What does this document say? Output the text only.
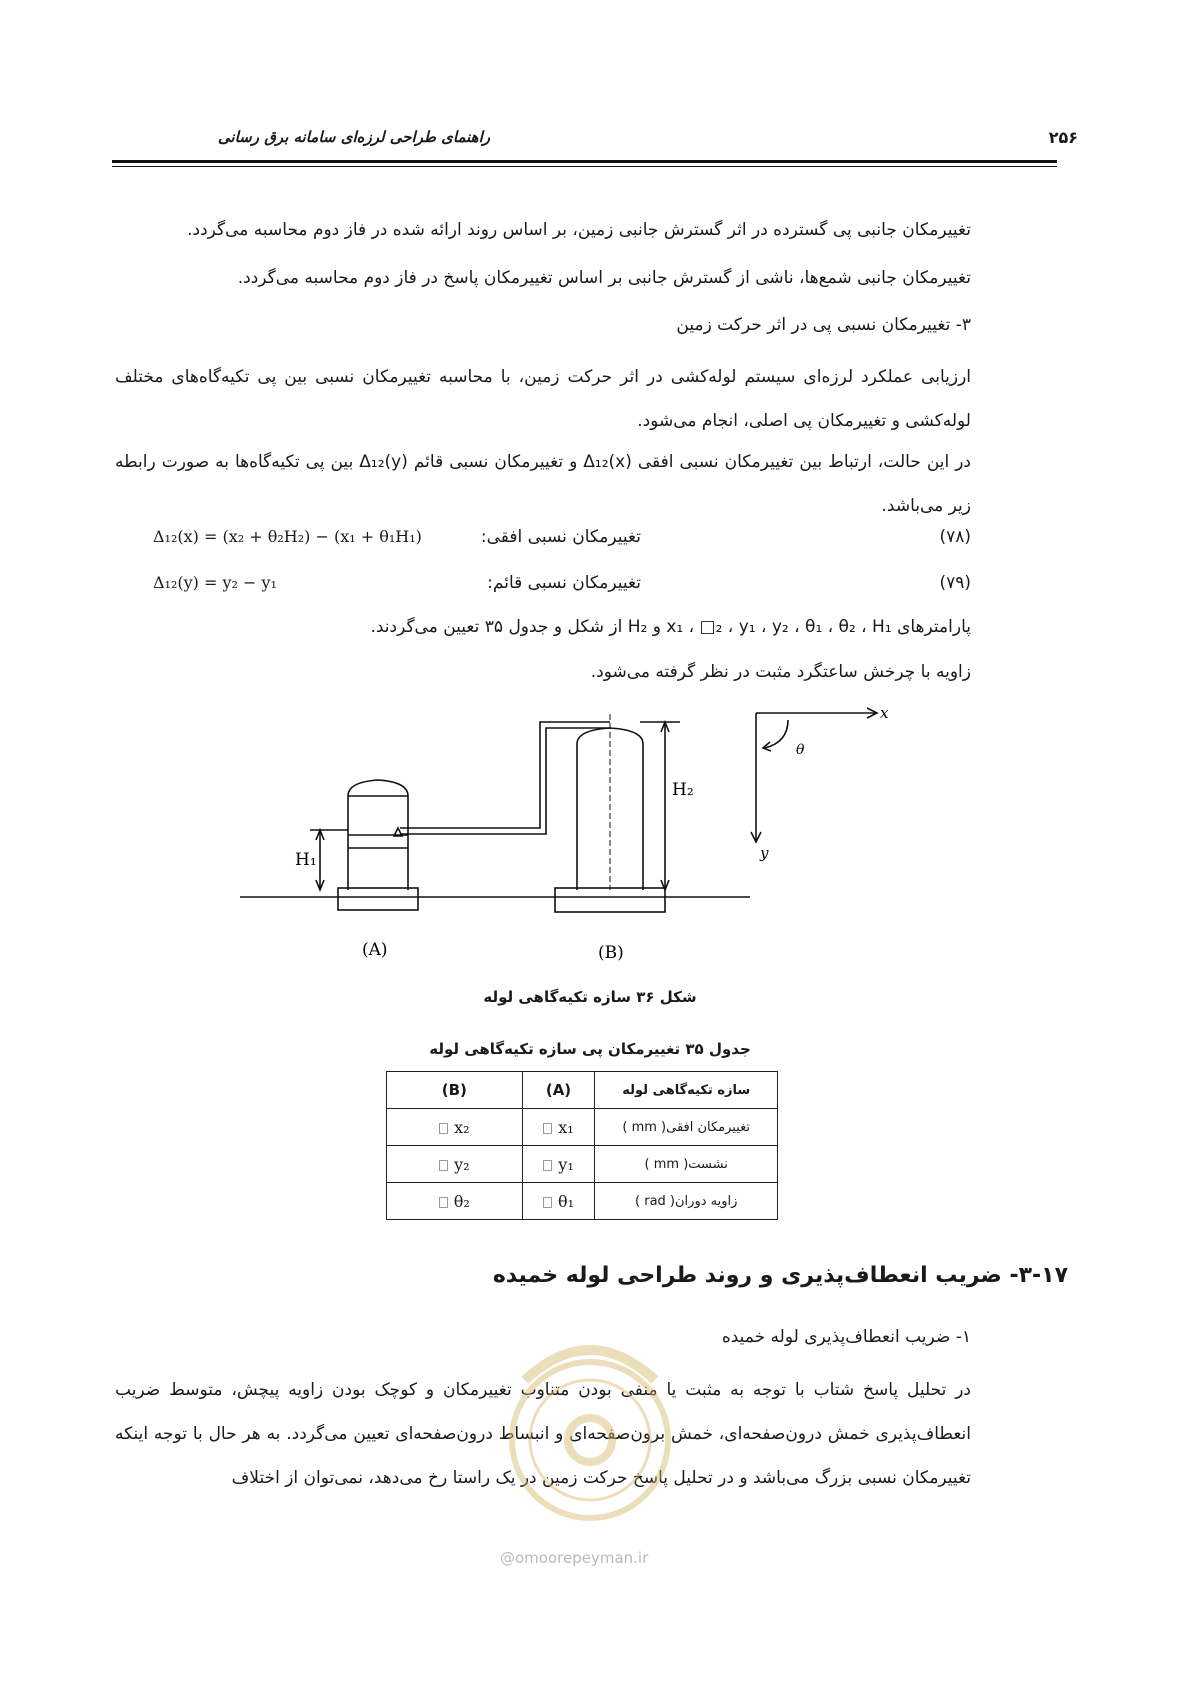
راهنمای طراحی لرزه‌ای سامانه برق رسانی	۲۵۶
تغییرمکان جانبی پی گسترده در اثر گسترش جانبی زمین، بر اساس روند ارائه شده در فاز دوم محاسبه می‌گردد.
تغییرمکان جانبی شمع‌ها، ناشی از گسترش جانبی بر اساس تغییرمکان پاسخ در فاز دوم محاسبه می‌گردد.
۳- تغییرمکان نسبی پی در اثر حرکت زمین
ارزیابی عملکرد لرزه‌ای سیستم لوله‌کشی در اثر حرکت زمین، با محاسبه تغییرمکان نسبی بین پی تکیه‌گاه‌های مختلف لوله‌کشی و تغییرمکان پی اصلی، انجام می‌شود.
در این حالت، ارتباط بین تغییرمکان نسبی افقی Δ₁₂(x) و تغییرمکان نسبی قائم Δ₁₂(y) بین پی تکیه‌گاه‌ها به صورت رابطه زیر می‌باشد.
(۷۸)
تغییرمکان نسبی افقی:
Δ₁₂(x) = (x₂ + θ₂H₂) − (x₁ + θ₁H₁)
(۷۹)
تغییرمکان نسبی قائم:
Δ₁₂(y) = y₂ − y₁
پارامترهای x₁ ، □₂ ، y₁ ، y₂ ، θ₁ ، θ₂ ، H₁ و H₂ از شکل و جدول ۳۵ تعیین می‌گردند.
زاویه با چرخش ساعتگرد مثبت در نظر گرفته می‌شود.
H₁
H₂
(A)	(B)
x
y
θ
شکل ۳۶ سازه تکیه‌گاهی لوله
جدول ۳۵ تغییرمکان پی سازه تکیه‌گاهی لوله
(B)	(A)	سازه تکیه‌گاهی لوله
x₂	x₁	تغییرمکان افقی( mm )
y₂	y₁	نشست( mm )
θ₂	θ₁	زاویه دوران( rad )
۳-۱۷- ضریب انعطاف‌پذیری و روند طراحی لوله خمیده
۱- ضریب انعطاف‌پذیری لوله خمیده
در تحلیل پاسخ شتاب با توجه به مثبت یا منفی بودن متناوب تغییرمکان و کوچک بودن زاویه پیچش، متوسط ضریب انعطاف‌پذیری خمش درون‌صفحه‌ای، خمش برون‌صفحه‌ای و انبساط درون‌صفحه‌ای تعیین می‌گردد. به هر حال با توجه اینکه تغییرمکان نسبی بزرگ می‌باشد و در تحلیل پاسخ حرکت زمین در یک راستا رخ می‌دهد، نمی‌توان از اختلاف
@omoorepeyman.ir
